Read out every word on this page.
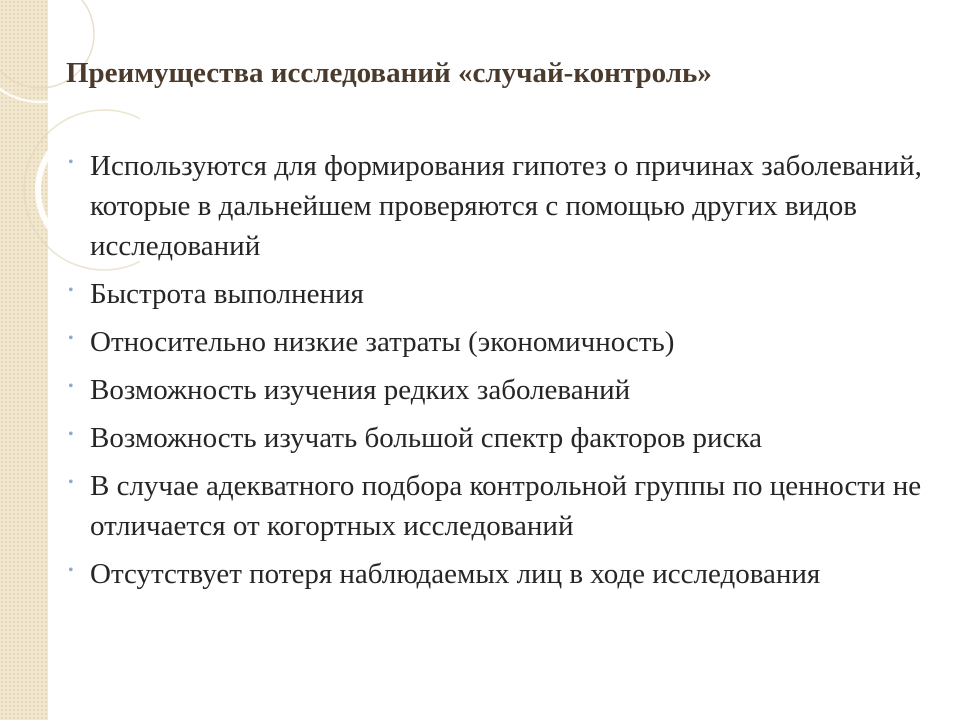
Преимущества исследований «случай-контроль»
• Используются для формирования гипотез о причинах заболеваний, которые в дальнейшем проверяются с помощью других видов исследований
• Быстрота выполнения
• Относительно низкие затраты (экономичность)
• Возможность изучения редких заболеваний
• Возможность изучать большой спектр факторов риска
• В случае адекватного подбора контрольной группы по ценности не отличается от когортных исследований
• Отсутствует потеря наблюдаемых лиц в ходе исследования
